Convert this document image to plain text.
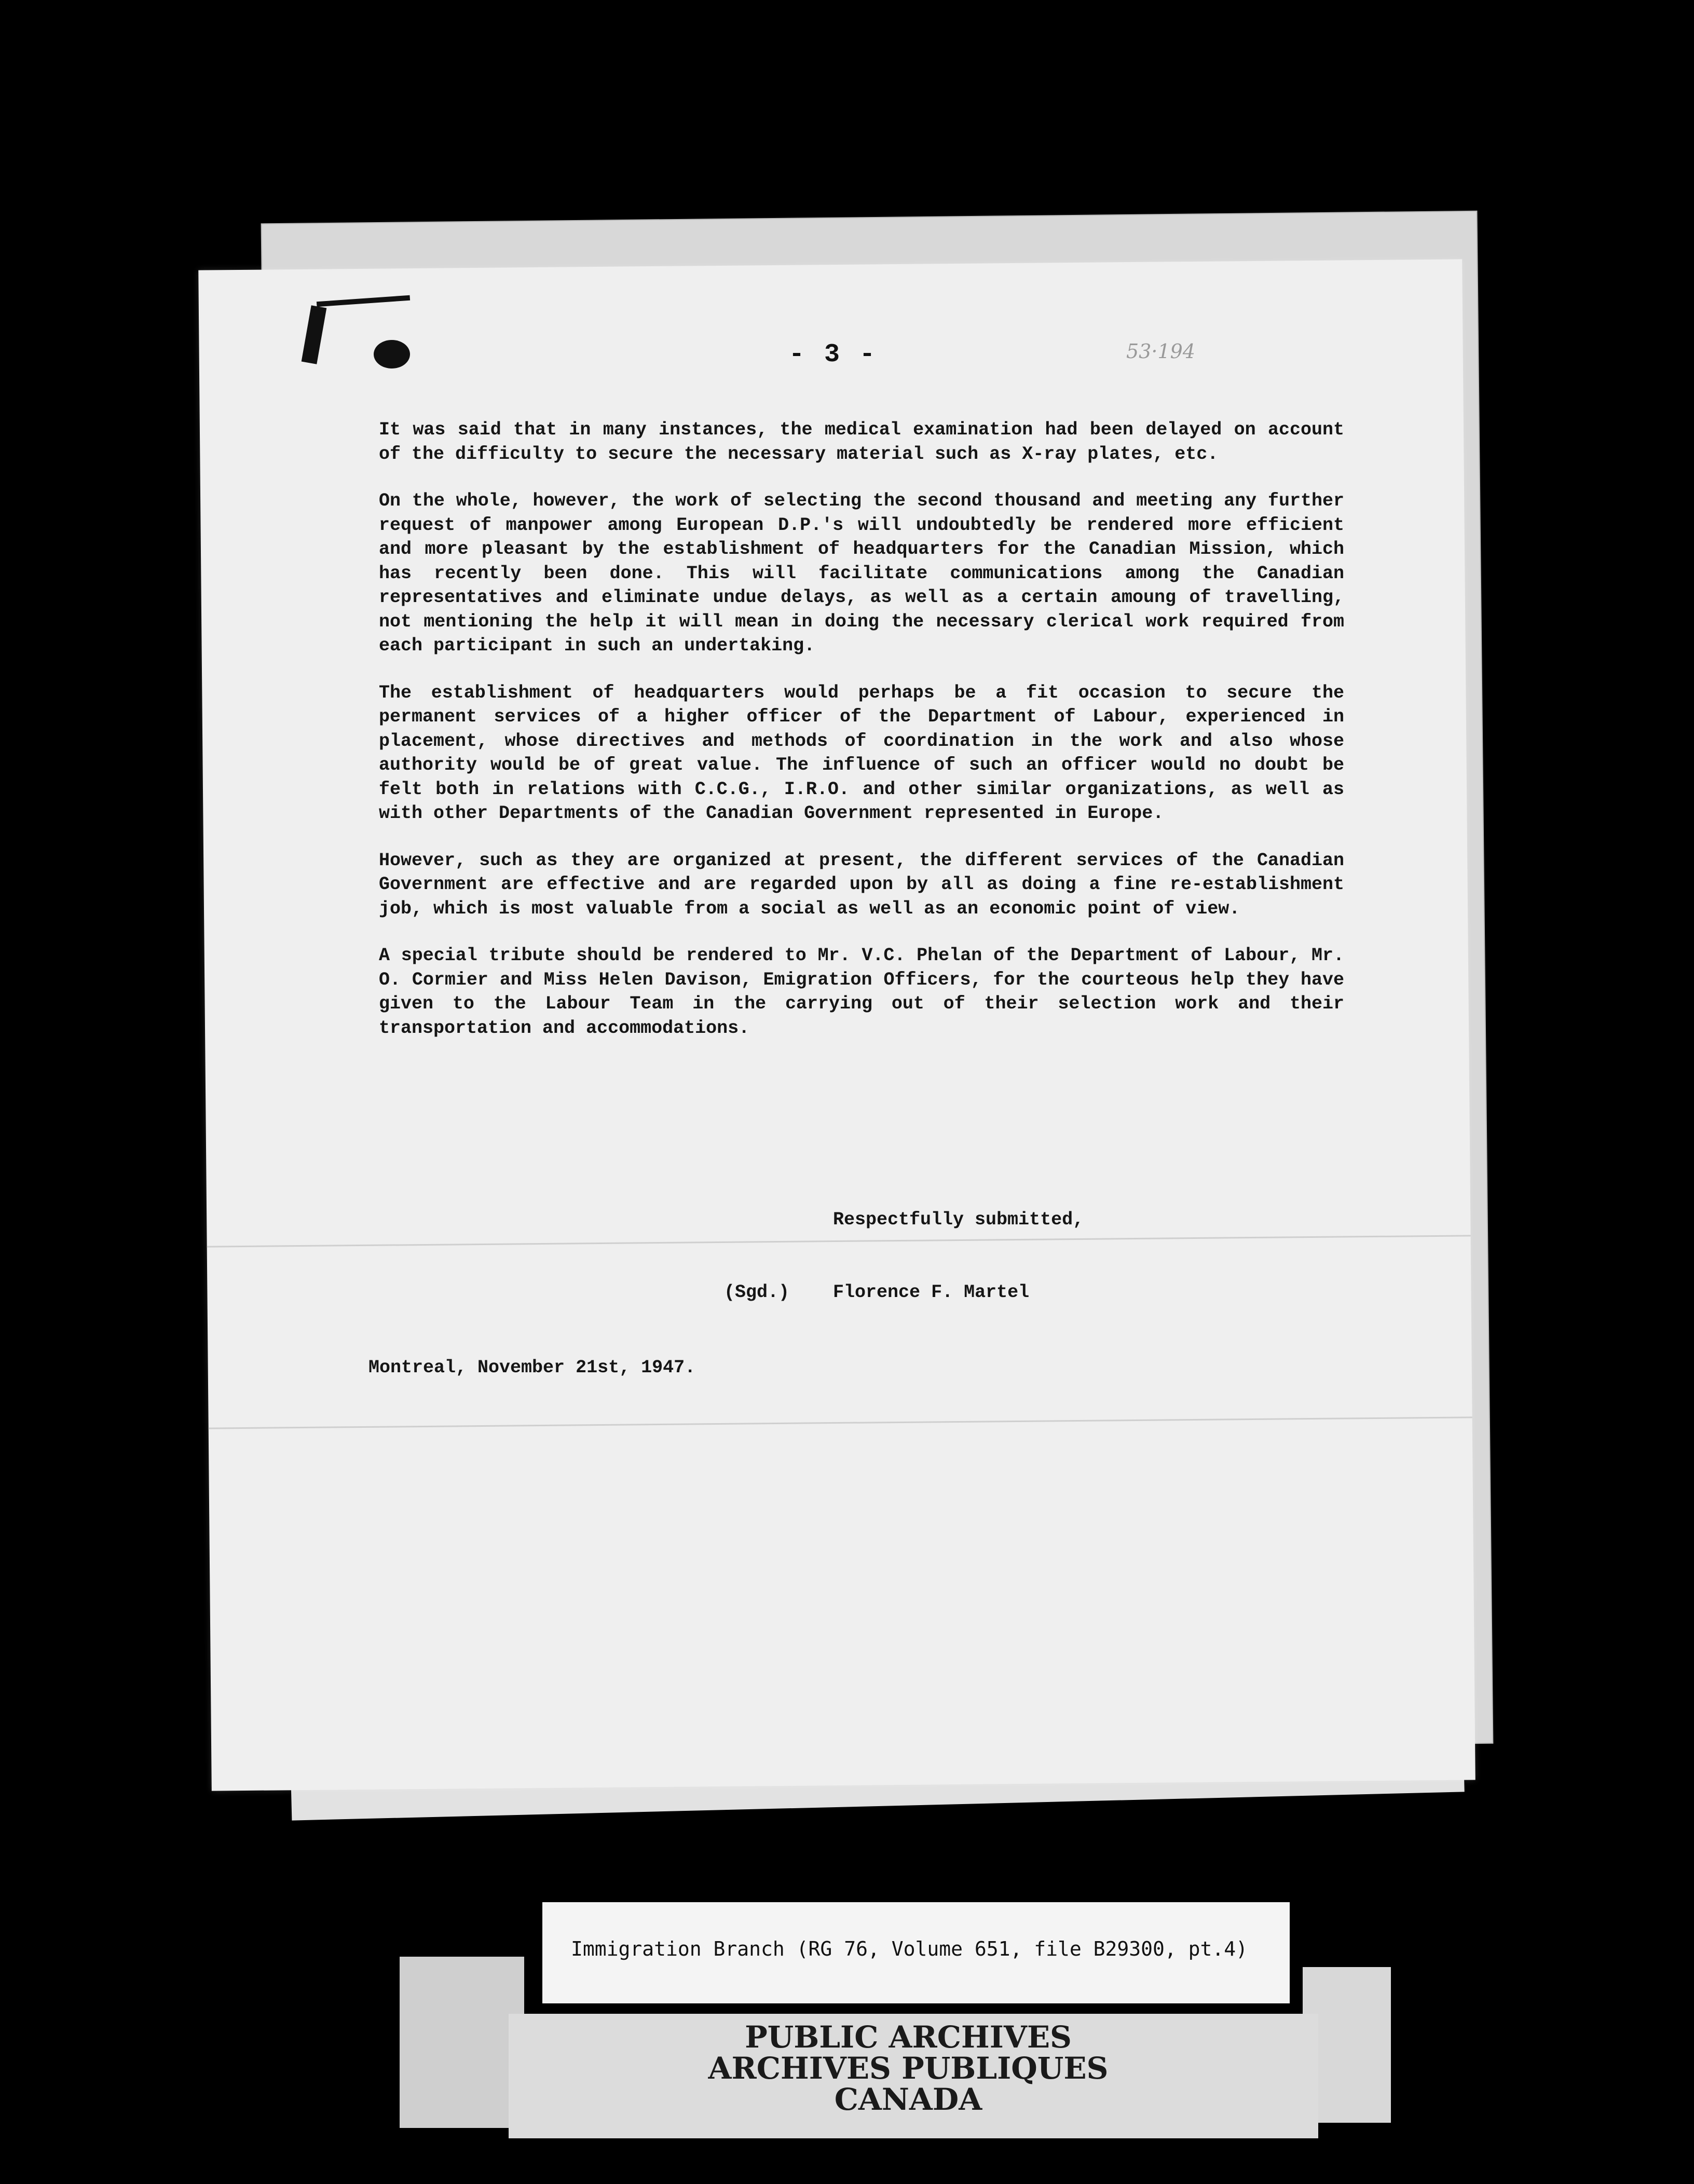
- 3 -	53·194

It was said that in many instances, the medical examination had been delayed on account of the difficulty to secure the necessary material such as X-ray plates, etc.

On the whole, however, the work of selecting the second thousand and meeting any further request of manpower among European D.P.'s will undoubtedly be rendered more efficient and more pleasant by the establishment of headquarters for the Canadian Mission, which has recently been done. This will facilitate communications among the Canadian representatives and eliminate undue delays, as well as a certain amoung of travelling, not mentioning the help it will mean in doing the necessary clerical work required from each participant in such an undertaking.

The establishment of headquarters would perhaps be a fit occasion to secure the permanent services of a higher officer of the Department of Labour, experienced in placement, whose directives and methods of coordination in the work and also whose authority would be of great value. The influence of such an officer would no doubt be felt both in relations with C.C.G., I.R.O. and other similar organizations, as well as with other Departments of the Canadian Government represented in Europe.

However, such as they are organized at present, the different services of the Canadian Government are effective and are regarded upon by all as doing a fine re-establishment job, which is most valuable from a social as well as an economic point of view.

A special tribute should be rendered to Mr. V.C. Phelan of the Department of Labour, Mr. O. Cormier and Miss Helen Davison, Emigration Officers, for the courteous help they have given to the Labour Team in the carrying out of their selection work and their transportation and accommodations.

Respectfully submitted,
(Sgd.)    Florence F. Martel
Montreal, November 21st, 1947.
Immigration Branch (RG 76, Volume 651, file B29300, pt.4)
PUBLIC ARCHIVES
ARCHIVES PUBLIQUES
CANADA
